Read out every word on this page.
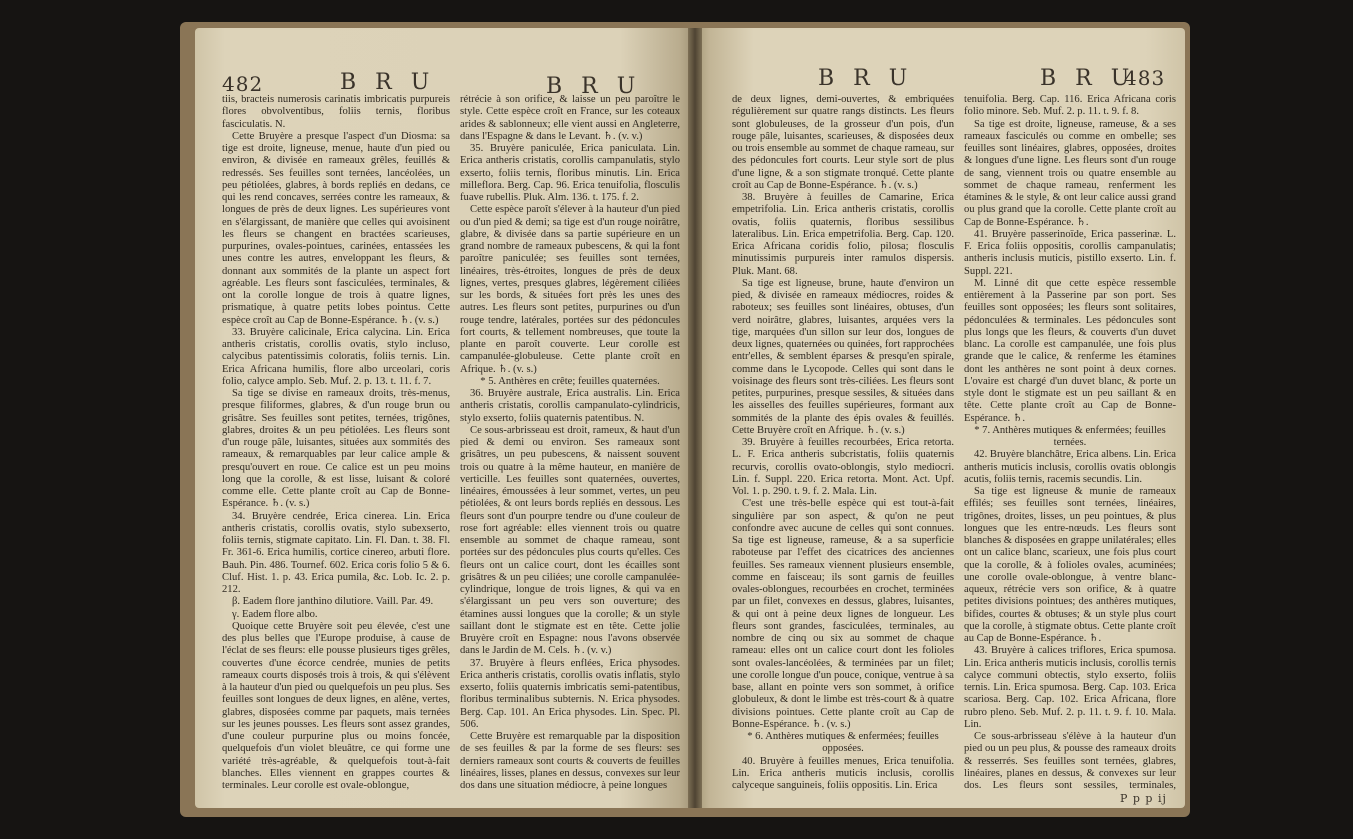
482	B R U	B R U	B R U	B R U
483

tiis, bracteis numerosis carinatis imbricatis purpureis flores obvolventibus, foliis ternis, floribus fasciculatis. N.

Cette Bruyère a presque l'aspect d'un Diosma: sa tige est droite, ligneuse, menue, haute d'un pied ou environ, & divisée en rameaux grêles, feuillés & redressés. Ses feuilles sont ternées, lancéolées, un peu pétiolées, glabres, à bords repliés en dedans, ce qui les rend concaves, serrées contre les rameaux, & longues de près de deux lignes. Les supérieures vont en s'élargissant, de manière que celles qui avoisinent les fleurs se changent en bractées scarieuses, purpurines, ovales-pointues, carinées, entassées les unes contre les autres, enveloppant les fleurs, & donnant aux sommités de la plante un aspect fort agréable. Les fleurs sont fasciculées, terminales, & ont la corolle longue de trois à quatre lignes, prismatique, à quatre petits lobes pointus. Cette espèce croît au Cap de Bonne-Espérance. ♄. (v. s.)

33. Bruyère calicinale, Erica calycina. Lin. Erica antheris cristatis, corollis ovatis, stylo incluso, calycibus patentissimis coloratis, foliis ternis. Lin. Erica Africana humilis, flore albo urceolari, coris folio, calyce amplo. Seb. Muf. 2. p. 13. t. 11. f. 7.

Sa tige se divise en rameaux droits, très-menus, presque filiformes, glabres, & d'un rouge brun ou grisâtre. Ses feuilles sont petites, ternées, trigônes, glabres, droites & un peu pétiolées. Les fleurs sont d'un rouge pâle, luisantes, situées aux sommités des rameaux, & remarquables par leur calice ample & presqu'ouvert en roue. Ce calice est un peu moins long que la corolle, & est lisse, luisant & coloré comme elle. Cette plante croît au Cap de Bonne-Espérance. ♄. (v. s.)

34. Bruyère cendrée, Erica cinerea. Lin. Erica antheris cristatis, corollis ovatis, stylo subexserto, foliis ternis, stigmate capitato. Lin. Fl. Dan. t. 38. Fl. Fr. 361-6. Erica humilis, cortice cinereo, arbuti flore. Bauh. Pin. 486. Tournef. 602. Erica coris folio 5 & 6. Cluf. Hist. 1. p. 43. Erica pumila, &c. Lob. Ic. 2. p. 212.

β. Eadem flore janthino dilutiore. Vaill. Par. 49.

γ. Eadem flore albo.

Quoique cette Bruyère soit peu élevée, c'est une des plus belles que l'Europe produise, à cause de l'éclat de ses fleurs: elle pousse plusieurs tiges grêles, couvertes d'une écorce cendrée, munies de petits rameaux courts disposés trois à trois, & qui s'élèvent à la hauteur d'un pied ou quelquefois un peu plus. Ses feuilles sont longues de deux lignes, en alêne, vertes, glabres, disposées comme par paquets, mais ternées sur les jeunes pousses. Les fleurs sont assez grandes, d'une couleur purpurine plus ou moins foncée, quelquefois d'un violet bleuâtre, ce qui forme une variété très-agréable, & quelquefois tout-à-fait blanches. Elles viennent en grappes courtes & terminales. Leur corolle est ovale-oblongue,

rétrécie à son orifice, & laisse un peu paroître le style. Cette espèce croît en France, sur les coteaux arides & sablonneux; elle vient aussi en Angleterre, dans l'Espagne & dans le Levant. ♄. (v. v.)

35. Bruyère paniculée, Erica paniculata. Lin. Erica antheris cristatis, corollis campanulatis, stylo exserto, foliis ternis, floribus minutis. Lin. Erica milleflora. Berg. Cap. 96. Erica tenuifolia, flosculis fuave rubellis. Pluk. Alm. 136. t. 175. f. 2.

Cette espèce paroît s'élever à la hauteur d'un pied ou d'un pied & demi; sa tige est d'un rouge noirâtre, glabre, & divisée dans sa partie supérieure en un grand nombre de rameaux pubescens, & qui la font paroître paniculée; ses feuilles sont ternées, linéaires, très-étroites, longues de près de deux lignes, vertes, presques glabres, légèrement ciliées sur les bords, & situées fort près les unes des autres. Les fleurs sont petites, purpurines ou d'un rouge tendre, latérales, portées sur des pédoncules fort courts, & tellement nombreuses, que toute la plante en paroît couverte. Leur corolle est campanulée-globuleuse. Cette plante croît en Afrique. ♄. (v. s.)

* 5. Anthères en crête; feuilles quaternées.

36. Bruyère australe, Erica australis. Lin. Erica antheris cristatis, corollis campanulato-cylindricis, stylo exserto, foliis quaternis patentibus. N.

Ce sous-arbrisseau est droit, rameux, & haut d'un pied & demi ou environ. Ses rameaux sont grisâtres, un peu pubescens, & naissent souvent trois ou quatre à la même hauteur, en manière de verticille. Les feuilles sont quaternées, ouvertes, linéaires, émoussées à leur sommet, vertes, un peu pétiolées, & ont leurs bords repliés en dessous. Les fleurs sont d'un pourpre tendre ou d'une couleur de rose fort agréable: elles viennent trois ou quatre ensemble au sommet de chaque rameau, sont portées sur des pédoncules plus courts qu'elles. Ces fleurs ont un calice court, dont les écailles sont grisâtres & un peu ciliées; une corolle campanulée-cylindrique, longue de trois lignes, & qui va en s'élargissant un peu vers son ouverture; des étamines aussi longues que la corolle; & un style saillant dont le stigmate est en tête. Cette jolie Bruyère croît en Espagne: nous l'avons observée dans le Jardin de M. Cels. ♄. (v. v.)

37. Bruyère à fleurs enflées, Erica physodes. Erica antheris cristatis, corollis ovatis inflatis, stylo exserto, foliis quaternis imbricatis semi-patentibus, floribus terminalibus subternis. N. Erica physodes. Berg. Cap. 101. An Erica physodes. Lin. Spec. Pl. 506.

Cette Bruyère est remarquable par la disposition de ses feuilles & par la forme de ses fleurs: ses derniers rameaux sont courts & couverts de feuilles linéaires, lisses, planes en dessus, convexes sur leur dos dans une situation médiocre, à peine longues

de deux lignes, demi-ouvertes, & embriquées régulièrement sur quatre rangs distincts. Les fleurs sont globuleuses, de la grosseur d'un pois, d'un rouge pâle, luisantes, scarieuses, & disposées deux ou trois ensemble au sommet de chaque rameau, sur des pédoncules fort courts. Leur style sort de plus d'une ligne, & a son stigmate tronqué. Cette plante croît au Cap de Bonne-Espérance. ♄. (v. s.)

38. Bruyère à feuilles de Camarine, Erica empetrifolia. Lin. Erica antheris cristatis, corollis ovatis, foliis quaternis, floribus sessilibus lateralibus. Lin. Erica empetrifolia. Berg. Cap. 120. Erica Africana coridis folio, pilosa; flosculis minutissimis purpureis inter ramulos dispersis. Pluk. Mant. 68.

Sa tige est ligneuse, brune, haute d'environ un pied, & divisée en rameaux médiocres, roides & raboteux; ses feuilles sont linéaires, obtuses, d'un verd noirâtre, glabres, luisantes, arquées vers la tige, marquées d'un sillon sur leur dos, longues de deux lignes, quaternées ou quinées, fort rapprochées entr'elles, & semblent éparses & presqu'en spirale, comme dans le Lycopode. Celles qui sont dans le voisinage des fleurs sont très-ciliées. Les fleurs sont petites, purpurines, presque sessiles, & situées dans les aisselles des feuilles supérieures, formant aux sommités de la plante des épis ovales & feuillés. Cette Bruyère croît en Afrique. ♄. (v. s.)

39. Bruyère à feuilles recourbées, Erica retorta. L. F. Erica antheris subcristatis, foliis quaternis recurvis, corollis ovato-oblongis, stylo mediocri. Lin. f. Suppl. 220. Erica retorta. Mont. Act. Upf. Vol. 1. p. 290. t. 9. f. 2. Mala. Lin.

C'est une très-belle espèce qui est tout-à-fait singulière par son aspect, & qu'on ne peut confondre avec aucune de celles qui sont connues. Sa tige est ligneuse, rameuse, & a sa superficie raboteuse par l'effet des cicatrices des anciennes feuilles. Ses rameaux viennent plusieurs ensemble, comme en faisceau; ils sont garnis de feuilles ovales-oblongues, recourbées en crochet, terminées par un filet, convexes en dessus, glabres, luisantes, & qui ont à peine deux lignes de longueur. Les fleurs sont grandes, fasciculées, terminales, au nombre de cinq ou six au sommet de chaque rameau: elles ont un calice court dont les folioles sont ovales-lancéolées, & terminées par un filet; une corolle longue d'un pouce, conique, ventrue à sa base, allant en pointe vers son sommet, à orifice globuleux, & dont le limbe est très-court & à quatre divisions pointues. Cette plante croît au Cap de Bonne-Espérance. ♄. (v. s.)

* 6. Anthères mutiques & enfermées; feuilles opposées.

40. Bruyère à feuilles menues, Erica tenuifolia. Lin. Erica antheris muticis inclusis, corollis calyceque sanguineis, foliis oppositis. Lin. Erica

tenuifolia. Berg. Cap. 116. Erica Africana coris folio minore. Seb. Muf. 2. p. 11. t. 9. f. 8.

Sa tige est droite, ligneuse, rameuse, & a ses rameaux fasciculés ou comme en ombelle; ses feuilles sont linéaires, glabres, opposées, droites & longues d'une ligne. Les fleurs sont d'un rouge de sang, viennent trois ou quatre ensemble au sommet de chaque rameau, renferment les étamines & le style, & ont leur calice aussi grand ou plus grand que la corolle. Cette plante croît au Cap de Bonne-Espérance. ♄.

41. Bruyère passerinoïde, Erica passerinæ. L. F. Erica foliis oppositis, corollis campanulatis; antheris inclusis muticis, pistillo exserto. Lin. f. Suppl. 221.

M. Linné dit que cette espèce ressemble entièrement à la Passerine par son port. Ses feuilles sont opposées; les fleurs sont solitaires, pédonculées & terminales. Les pédoncules sont plus longs que les fleurs, & couverts d'un duvet blanc. La corolle est campanulée, une fois plus grande que le calice, & renferme les étamines dont les anthères ne sont point à deux cornes. L'ovaire est chargé d'un duvet blanc, & porte un style dont le stigmate est un peu saillant & en tête. Cette plante croît au Cap de Bonne-Espérance. ♄.

* 7. Anthères mutiques & enfermées; feuilles ternées.

42. Bruyère blanchâtre, Erica albens. Lin. Erica antheris muticis inclusis, corollis ovatis oblongis acutis, foliis ternis, racemis secundis. Lin.

Sa tige est ligneuse & munie de rameaux effilés; ses feuilles sont ternées, linéaires, trigônes, droites, lisses, un peu pointues, & plus longues que les entre-nœuds. Les fleurs sont blanches & disposées en grappe unilatérales; elles ont un calice blanc, scarieux, une fois plus court que la corolle, & à folioles ovales, acuminées; une corolle ovale-oblongue, à ventre blanc-aqueux, rétrécie vers son orifice, & à quatre petites divisions pointues; des anthères mutiques, bifides, courtes & obtuses; & un style plus court que la corolle, à stigmate obtus. Cette plante croît au Cap de Bonne-Espérance. ♄.

43. Bruyère à calices triflores, Erica spumosa. Lin. Erica antheris muticis inclusis, corollis ternis calyce communi obtectis, stylo exserto, foliis ternis. Lin. Erica spumosa. Berg. Cap. 103. Erica scariosa. Berg. Cap. 102. Erica Africana, flore rubro pleno. Seb. Muf. 2. p. 11. t. 9. f. 10. Mala. Lin.

Ce sous-arbrisseau s'élève à la hauteur d'un pied ou un peu plus, & pousse des rameaux droits & resserrés. Ses feuilles sont ternées, glabres, linéaires, planes en dessus, & convexes sur leur dos. Les fleurs sont sessiles, terminales,

P p p ij
